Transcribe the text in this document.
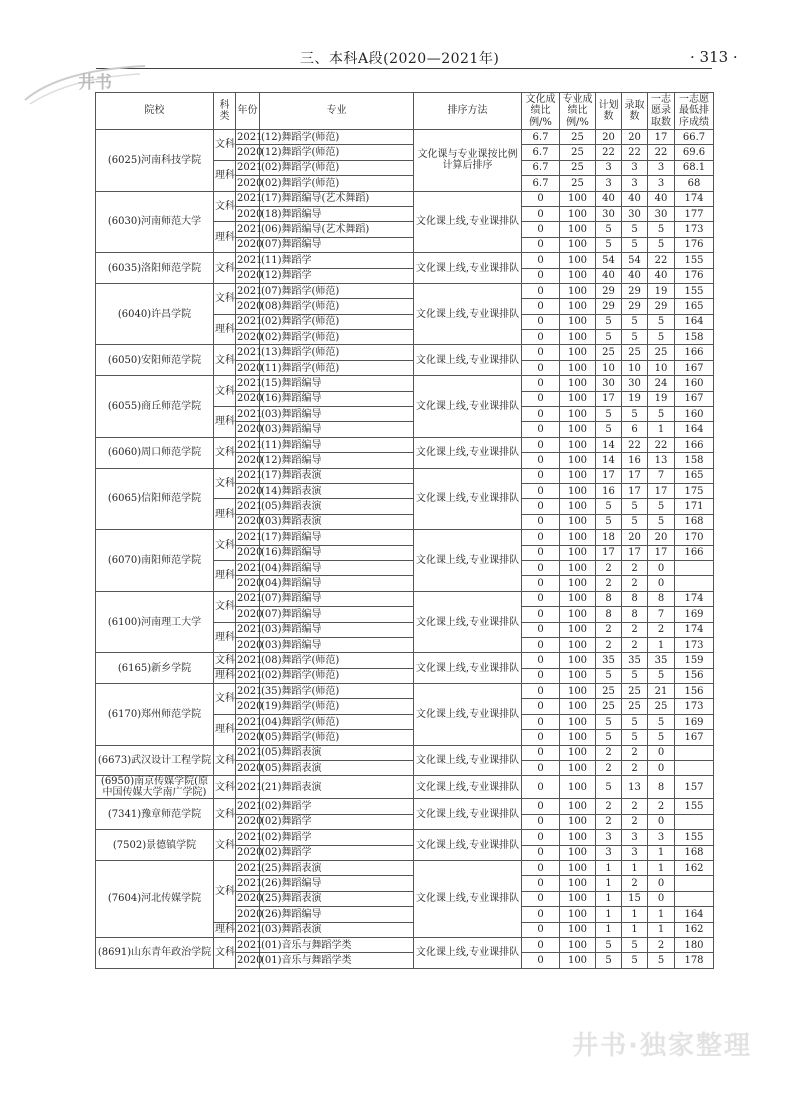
三、本科A段(2020—2021年)	· 313 ·
井书
院校	科类	年份	专业	排序方法	文化成绩比例/%	专业成绩比例/%	计划数	录取数	一志愿录取数	一志愿最低排序成绩
(6025)河南科技学院	文科	2021	(12)舞蹈学(师范)	文化课与专业课按比例计算后排序	6.7	25	20	20	17	66.7
		2020	(12)舞蹈学(师范)		6.7	25	22	22	22	69.6
	理科	2021	(02)舞蹈学(师范)		6.7	25	3	3	3	68.1
		2020	(02)舞蹈学(师范)		6.7	25	3	3	3	68
(6030)河南师范大学	文科	2021	(17)舞蹈编导(艺术舞蹈)	文化课上线,专业课排队	0	100	40	40	40	174
		2020	(18)舞蹈编导		0	100	30	30	30	177
	理科	2021	(06)舞蹈编导(艺术舞蹈)		0	100	5	5	5	173
		2020	(07)舞蹈编导		0	100	5	5	5	176
(6035)洛阳师范学院	文科	2021	(11)舞蹈学	文化课上线,专业课排队	0	100	54	54	22	155
		2020	(12)舞蹈学		0	100	40	40	40	176
(6040)许昌学院	文科	2021	(07)舞蹈学(师范)	文化课上线,专业课排队	0	100	29	29	19	155
		2020	(08)舞蹈学(师范)		0	100	29	29	29	165
	理科	2021	(02)舞蹈学(师范)		0	100	5	5	5	164
		2020	(02)舞蹈学(师范)		0	100	5	5	5	158
(6050)安阳师范学院	文科	2021	(13)舞蹈学(师范)	文化课上线,专业课排队	0	100	25	25	25	166
		2020	(11)舞蹈学(师范)		0	100	10	10	10	167
(6055)商丘师范学院	文科	2021	(15)舞蹈编导	文化课上线,专业课排队	0	100	30	30	24	160
		2020	(16)舞蹈编导		0	100	17	19	19	167
	理科	2021	(03)舞蹈编导		0	100	5	5	5	160
		2020	(03)舞蹈编导		0	100	5	6	1	164
(6060)周口师范学院	文科	2021	(11)舞蹈编导	文化课上线,专业课排队	0	100	14	22	22	166
		2020	(12)舞蹈编导		0	100	14	16	13	158
(6065)信阳师范学院	文科	2021	(17)舞蹈表演	文化课上线,专业课排队	0	100	17	17	7	165
		2020	(14)舞蹈表演		0	100	16	17	17	175
	理科	2021	(05)舞蹈表演		0	100	5	5	5	171
		2020	(03)舞蹈表演		0	100	5	5	5	168
(6070)南阳师范学院	文科	2021	(17)舞蹈编导	文化课上线,专业课排队	0	100	18	20	20	170
		2020	(16)舞蹈编导		0	100	17	17	17	166
	理科	2021	(04)舞蹈编导		0	100	2	2	0	
		2020	(04)舞蹈编导		0	100	2	2	0	
(6100)河南理工大学	文科	2021	(07)舞蹈编导	文化课上线,专业课排队	0	100	8	8	8	174
		2020	(07)舞蹈编导		0	100	8	8	7	169
	理科	2021	(03)舞蹈编导		0	100	2	2	2	174
		2020	(03)舞蹈编导		0	100	2	2	1	173
(6165)新乡学院	文科	2021	(08)舞蹈学(师范)	文化课上线,专业课排队	0	100	35	35	35	159
	理科	2021	(02)舞蹈学(师范)		0	100	5	5	5	156
(6170)郑州师范学院	文科	2021	(35)舞蹈学(师范)	文化课上线,专业课排队	0	100	25	25	21	156
		2020	(19)舞蹈学(师范)		0	100	25	25	25	173
	理科	2021	(04)舞蹈学(师范)		0	100	5	5	5	169
		2020	(05)舞蹈学(师范)		0	100	5	5	5	167
(6673)武汉设计工程学院	文科	2021	(05)舞蹈表演	文化课上线,专业课排队	0	100	2	2	0	
		2020	(05)舞蹈表演		0	100	2	2	0	
(6950)南京传媒学院(原中国传媒大学南广学院)	文科	2021	(21)舞蹈表演	文化课上线,专业课排队	0	100	5	13	8	157
(7341)豫章师范学院	文科	2021	(02)舞蹈学	文化课上线,专业课排队	0	100	2	2	2	155
		2020	(02)舞蹈学		0	100	2	2	0	
(7502)景德镇学院	文科	2021	(02)舞蹈学	文化课上线,专业课排队	0	100	3	3	3	155
		2020	(02)舞蹈学		0	100	3	3	1	168
(7604)河北传媒学院	文科	2021	(25)舞蹈表演	文化课上线,专业课排队	0	100	1	1	1	162
		2021	(26)舞蹈编导		0	100	1	2	0	
		2020	(25)舞蹈表演		0	100	1	15	0	
		2020	(26)舞蹈编导		0	100	1	1	1	164
	理科	2021	(03)舞蹈表演		0	100	1	1	1	162
(8691)山东青年政治学院	文科	2021	(01)音乐与舞蹈学类	文化课上线,专业课排队	0	100	5	5	2	180
		2020	(01)音乐与舞蹈学类		0	100	5	5	5	178
井书·独家整理
